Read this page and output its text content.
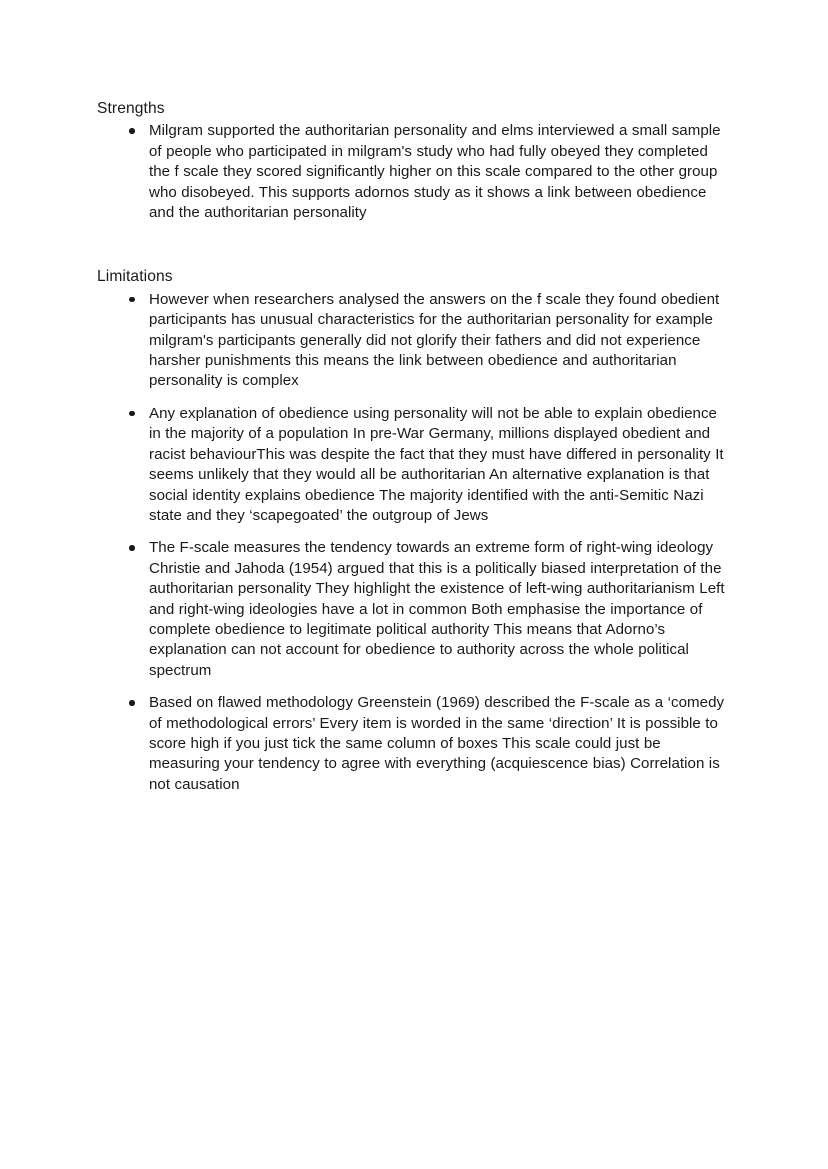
Strengths
Milgram supported the authoritarian personality and elms interviewed a small sample of people who participated in milgram's study who had fully obeyed they completed the f scale they scored significantly higher on this scale compared to the other group who disobeyed. This supports adornos study as it shows a link between obedience and the authoritarian personality
Limitations
However when researchers analysed the answers on the f scale they found obedient participants has unusual characteristics for the authoritarian personality for example milgram's participants generally did not glorify their fathers and did not experience harsher punishments this means the link between obedience and authoritarian personality is complex
Any explanation of obedience using personality will not be able to explain obedience in the majority of a population In pre-War Germany, millions displayed obedient and racist behaviourThis was despite the fact that they must have differed in personality It seems unlikely that they would all be authoritarian An alternative explanation is that social identity explains obedience The majority identified with the anti-Semitic Nazi state and they ‘scapegoated’ the outgroup of Jews
The F-scale measures the tendency towards an extreme form of right-wing ideology Christie and Jahoda (1954) argued that this is a politically biased interpretation of the authoritarian personality They highlight the existence of left-wing authoritarianism Left and right-wing ideologies have a lot in common Both emphasise the importance of complete obedience to legitimate political authority This means that Adorno’s explanation can not account for obedience to authority across the whole political spectrum
Based on flawed methodology Greenstein (1969) described the F-scale as a ‘comedy of methodological errors’ Every item is worded in the same ‘direction’ It is possible to score high if you just tick the same column of boxes This scale could just be measuring your tendency to agree with everything (acquiescence bias) Correlation is not causation
